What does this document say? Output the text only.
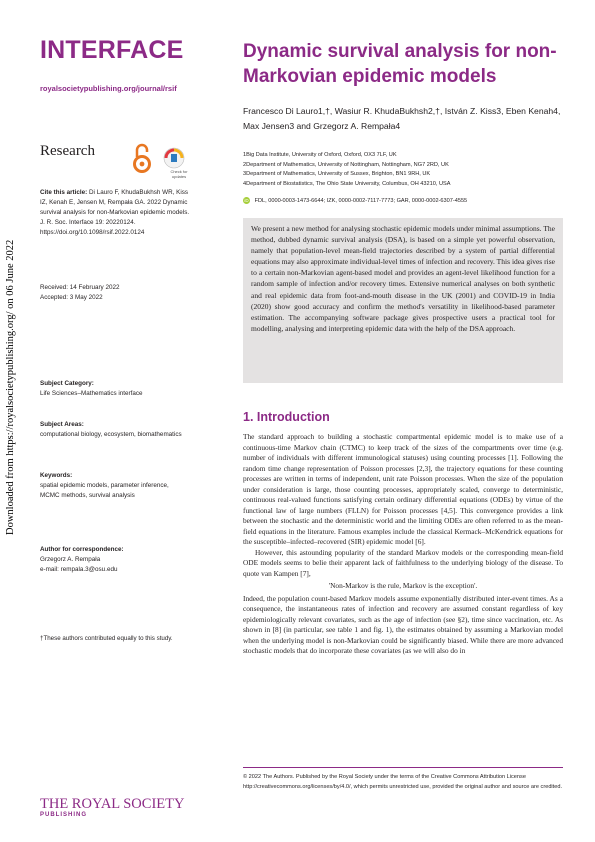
Downloaded from https://royalsocietypublishing.org/ on 06 June 2022
INTERFACE
royalsocietypublishing.org/journal/rsif
Research
Check for updates
Cite this article: Di Lauro F, KhudaBukhsh WR, Kiss IZ, Kenah E, Jensen M, Rempała GA. 2022 Dynamic survival analysis for non-Markovian epidemic models. J. R. Soc. Interface 19: 20220124.
https://doi.org/10.1098/rsif.2022.0124
Received: 14 February 2022
Accepted: 3 May 2022
Subject Category:
Life Sciences–Mathematics interface
Subject Areas:
computational biology, ecosystem, biomathematics
Keywords:
spatial epidemic models, parameter inference, MCMC methods, survival analysis
Author for correspondence:
Grzegorz A. Rempała
e-mail: rempala.3@osu.edu
†These authors contributed equally to this study.
Dynamic survival analysis for non-Markovian epidemic models
Francesco Di Lauro1,†, Wasiur R. KhudaBukhsh2,†, István Z. Kiss3, Eben Kenah4, Max Jensen3 and Grzegorz A. Rempała4
1Big Data Institute, University of Oxford, Oxford, OX3 7LF, UK
2Department of Mathematics, University of Nottingham, Nottingham, NG7 2RD, UK
3Department of Mathematics, University of Sussex, Brighton, BN1 9RH, UK
4Department of Biostatistics, The Ohio State University, Columbus, OH 43210, USA
iD FDL, 0000-0003-1473-6644; IZK, 0000-0002-7117-7773; GAR, 0000-0002-6307-4555
We present a new method for analysing stochastic epidemic models under minimal assumptions. The method, dubbed dynamic survival analysis (DSA), is based on a simple yet powerful observation, namely that population-level mean-field trajectories described by a system of partial differential equations may also approximate individual-level times of infection and recovery. This idea gives rise to a certain non-Markovian agent-based model and provides an agent-level likelihood function for a random sample of infection and/or recovery times. Extensive numerical analyses on both synthetic and real epidemic data from foot-and-mouth disease in the UK (2001) and COVID-19 in India (2020) show good accuracy and confirm the method's versatility in likelihood-based parameter estimation. The accompanying software package gives prospective users a practical tool for modelling, analysing and interpreting epidemic data with the help of the DSA approach.
1. Introduction

The standard approach to building a stochastic compartmental epidemic model is to make use of a continuous-time Markov chain (CTMC) to keep track of the sizes of the compartments over time (e.g. number of individuals with different immunological statuses) using counting processes [1]. Following the random time change representation of Poisson processes [2,3], the trajectory equations for these counting processes are written in terms of independent, unit rate Poisson processes. When the size of the population under consideration is large, those counting processes, appropriately scaled, converge to deterministic, continuous real-valued functions satisfying certain ordinary differential equations (ODEs) by virtue of the functional law of large numbers (FLLN) for Poisson processes [4,5]. This convergence provides a link between the stochastic and the deterministic world and the limiting ODEs are often referred to as the mean-field equations in the literature. Famous examples include the classical Kermack–McKendrick equations for the susceptible–infected–recovered (SIR) epidemic model [6].

However, this astounding popularity of the standard Markov models or the corresponding mean-field ODE models seems to belie their apparent lack of faithfulness to the underlying biology of the disease. To quote van Kampen [7],

'Non-Markov is the rule, Markov is the exception'.

Indeed, the population count-based Markov models assume exponentially distributed inter-event times. As a consequence, the instantaneous rates of infection and recovery are assumed constant regardless of key epidemiologically relevant covariates, such as the age of infection (see §2), time since vaccination, etc. As shown in [8] (in particular, see table 1 and fig. 1), the estimates obtained by assuming a Markovian model when the underlying model is non-Markovian could be significantly biased. While there are more advanced stochastic models that do incorporate these covariates (as we will also do in

© 2022 The Authors. Published by the Royal Society under the terms of the Creative Commons Attribution License http://creativecommons.org/licenses/by/4.0/, which permits unrestricted use, provided the original author and source are credited.
THE ROYAL SOCIETY
PUBLISHING
